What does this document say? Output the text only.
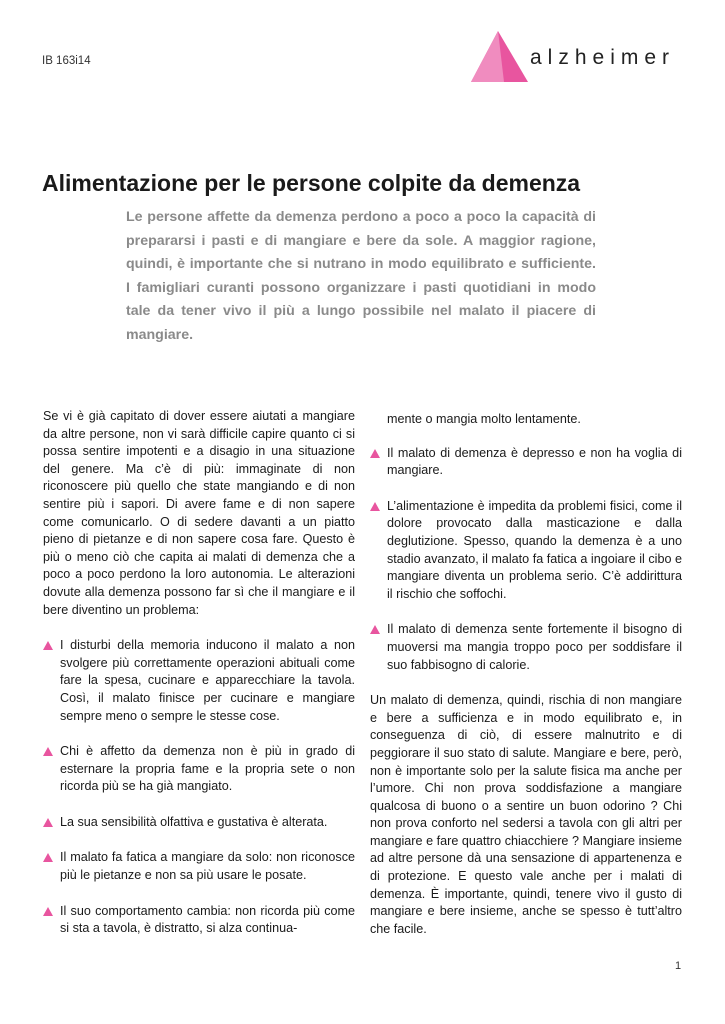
IB 163i14	alzheimer
Alimentazione per le persone colpite da demenza

Le persone affette da demenza perdono a poco a poco la capacità di prepararsi i pasti e di mangiare e bere da sole. A maggior ragione, quindi, è importante che si nutrano in modo equilibrato e sufficiente. I famigliari curanti possono organizzare i pasti quotidiani in modo tale da tener vivo il più a lungo possibile nel malato il piacere di mangiare.

Se vi è già capitato di dover essere aiutati a mangiare da altre persone, non vi sarà difficile capire quanto ci si possa sentire impotenti e a disagio in una situazione del genere. Ma c’è di più: immaginate di non riconoscere più quello che state mangiando e di non sentire più i sapori. Di avere fame e di non sapere come comunicarlo. O di sedere davanti a un piatto pieno di pietanze e di non sapere cosa fare. Questo è più o meno ciò che capita ai malati di demenza che a poco a poco perdono la loro autonomia. Le alterazioni dovute alla demenza possono far sì che il mangiare e il bere diventino un problema:

I disturbi della memoria inducono il malato a non svolgere più correttamente operazioni abituali come fare la spesa, cucinare e apparecchiare la tavola. Così, il malato finisce per cucinare e mangiare sempre meno o sempre le stesse cose.
Chi è affetto da demenza non è più in grado di esternare la propria fame e la propria sete o non ricorda più se ha già mangiato.
La sua sensibilità olfattiva e gustativa è alterata.
Il malato fa fatica a mangiare da solo: non riconosce più le pietanze e non sa più usare le posate.
Il suo comportamento cambia: non ricorda più come si sta a tavola, è distratto, si alza continua-

mente o mangia molto lentamente.

Il malato di demenza è depresso e non ha voglia di mangiare.
L’alimentazione è impedita da problemi fisici, come il dolore provocato dalla masticazione e dalla deglutizione. Spesso, quando la demenza è a uno stadio avanzato, il malato fa fatica a ingoiare il cibo e mangiare diventa un problema serio. C’è addirittura il rischio che soffochi.
Il malato di demenza sente fortemente il bisogno di muoversi ma mangia troppo poco per soddisfare il suo fabbisogno di calorie.

Un malato di demenza, quindi, rischia di non mangiare e bere a sufficienza e in modo equilibrato e, in conseguenza di ciò, di essere malnutrito e di peggiorare il suo stato di salute. Mangiare e bere, però, non è importante solo per la salute fisica ma anche per l’umore. Chi non prova soddisfazione a mangiare qualcosa di buono o a sentire un buon odorino ? Chi non prova conforto nel sedersi a tavola con gli altri per mangiare e fare quattro chiacchiere ? Mangiare insieme ad altre persone dà una sensazione di appartenenza e di protezione. E questo vale anche per i malati di demenza. È importante, quindi, tenere vivo il gusto di mangiare e bere insieme, anche se spesso è tutt’altro che facile.

1
